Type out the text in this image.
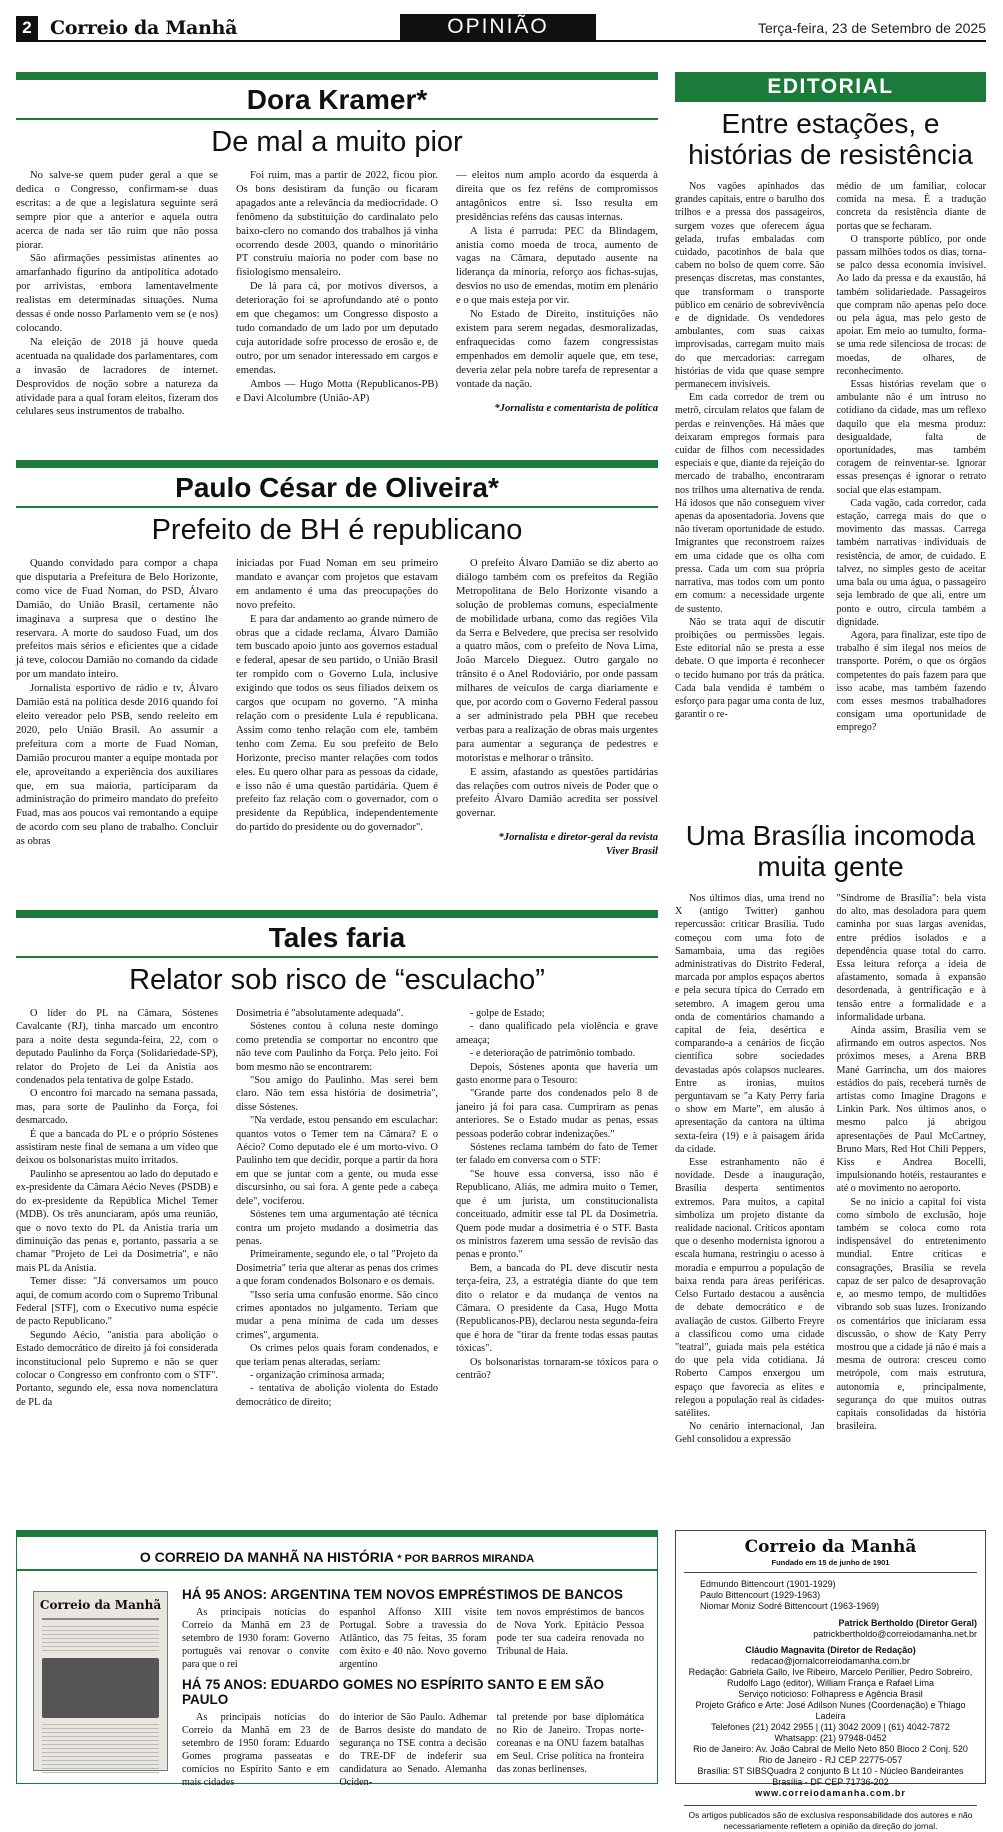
2 Correio da Manhã	OPINIÃO	Terça-feira, 23 de Setembro de 2025
Dora Kramer*
De mal a muito pior

No salve-se quem puder geral a que se dedica o Congresso, confirmam-se duas escritas: a de que a legislatura seguinte será sempre pior que a anterior e aquela outra acerca de nada ser tão ruim que não possa piorar.

São afirmações pessimistas atinentes ao amarfanhado figurino da antipolítica adotado por arrivistas, embora lamentavelmente realistas em determinadas situações. Numa dessas é onde nosso Parlamento vem se (e nos) colocando.

Na eleição de 2018 já houve queda acentuada na qualidade dos parlamentares, com a invasão de lacradores de internet. Desprovidos de noção sobre a natureza da atividade para a qual foram eleitos, fizeram dos celulares seus instrumentos de trabalho.

Foi ruim, mas a partir de 2022, ficou pior. Os bons desistiram da função ou ficaram apagados ante a relevância da mediocridade. O fenômeno da substituição do cardinalato pelo baixo-clero no comando dos trabalhos já vinha ocorrendo desde 2003, quando o minoritário PT construiu maioria no poder com base no fisiologismo mensaleiro.

De lá para cá, por motivos diversos, a deterioração foi se aprofundando até o ponto em que chegamos: um Congresso disposto a tudo comandado de um lado por um deputado cuja autoridade sofre processo de erosão e, de outro, por um senador interessado em cargos e emendas.

Ambos — Hugo Motta (Republicanos-PB) e Davi Alcolumbre (União-AP)

— eleitos num amplo acordo da esquerda à direita que os fez reféns de compromissos antagônicos entre si. Isso resulta em presidências reféns das causas internas.

A lista é parruda: PEC da Blindagem, anistia como moeda de troca, aumento de vagas na Câmara, deputado ausente na liderança da minoria, reforço aos fichas-sujas, desvios no uso de emendas, motim em plenário e o que mais esteja por vir.

No Estado de Direito, instituições não existem para serem negadas, desmoralizadas, enfraquecidas como fazem congressistas empenhados em demolir aquele que, em tese, deveria zelar pela nobre tarefa de representar a vontade da nação.

*Jornalista e comentarista de política

Paulo César de Oliveira*
Prefeito de BH é republicano

Quando convidado para compor a chapa que disputaria a Prefeitura de Belo Horizonte, como vice de Fuad Noman, do PSD, Álvaro Damião, do União Brasil, certamente não imaginava a surpresa que o destino lhe reservara. A morte do saudoso Fuad, um dos prefeitos mais sérios e eficientes que a cidade já teve, colocou Damião no comando da cidade por um mandato inteiro.

Jornalista esportivo de rádio e tv, Álvaro Damião está na política desde 2016 quando foi eleito vereador pelo PSB, sendo reeleito em 2020, pelo União Brasil. Ao assumir a prefeitura com a morte de Fuad Noman, Damião procurou manter a equipe montada por ele, aproveitando a experiência dos auxiliares que, em sua maioria, participaram da administração do primeiro mandato do prefeito Fuad, mas aos poucos vai remontando a equipe de acordo com seu plano de trabalho. Concluir as obras

iniciadas por Fuad Noman em seu primeiro mandato e avançar com projetos que estavam em andamento é uma das preocupações do novo prefeito.

E para dar andamento ao grande número de obras que a cidade reclama, Álvaro Damião tem buscado apoio junto aos governos estadual e federal, apesar de seu partido, o União Brasil ter rompido com o Governo Lula, inclusive exigindo que todos os seus filiados deixem os cargos que ocupam no governo. "A minha relação com o presidente Lula é republicana. Assim como tenho relação com ele, também tenho com Zema. Eu sou prefeito de Belo Horizonte, preciso manter relações com todos eles. Eu quero olhar para as pessoas da cidade, e isso não é uma questão partidária. Quem é prefeito faz relação com o governador, com o presidente da República, independentemente do partido do presidente ou do governador".

O prefeito Álvaro Damião se diz aberto ao diálogo também com os prefeitos da Região Metropolitana de Belo Horizonte visando a solução de problemas comuns, especialmente de mobilidade urbana, como das regiões Vila da Serra e Belvedere, que precisa ser resolvido a quatro mãos, com o prefeito de Nova Lima, João Marcelo Dieguez. Outro gargalo no trânsito é o Anel Rodoviário, por onde passam milhares de veículos de carga diariamente e que, por acordo com o Governo Federal passou a ser administrado pela PBH que recebeu verbas para a realização de obras mais urgentes para aumentar a segurança de pedestres e motoristas e melhorar o trânsito.

E assim, afastando as questões partidárias das relações com outros níveis de Poder que o prefeito Álvaro Damião acredita ser possível governar.

*Jornalista e diretor-geral da revista

Viver Brasil

Tales faria
Relator sob risco de “esculacho”

O líder do PL na Câmara, Sóstenes Cavalcante (RJ), tinha marcado um encontro para a noite desta segunda-feira, 22, com o deputado Paulinho da Força (Solidariedade-SP), relator do Projeto de Lei da Anistia aos condenados pela tentativa de golpe Estado.

O encontro foi marcado na semana passada, mas, para sorte de Paulinho da Força, foi desmarcado.

É que a bancada do PL e o próprio Sóstenes assistiram neste final de semana a um vídeo que deixou os bolsonaristas muito irritados.

Paulinho se apresentou ao lado do deputado e ex-presidente da Câmara Aécio Neves (PSDB) e do ex-presidente da República Michel Temer (MDB). Os três anunciaram, após uma reunião, que o novo texto do PL da Anistia traria um diminuição das penas e, portanto, passaria a se chamar "Projeto de Lei da Dosimetria", e não mais PL da Anistia.

Temer disse: "Já conversamos um pouco aqui, de comum acordo com o Supremo Tribunal Federal [STF], com o Executivo numa espécie de pacto Republicano."

Segundo Aécio, "anistia para abolição o Estado democrático de direito já foi considerada inconstitucional pelo Supremo e não se quer colocar o Congresso em confronto com o STF". Portanto, segundo ele, essa nova nomenclatura de PL da

Dosimetria é "absolutamente adequada".

Sóstenes contou à coluna neste domingo como pretendia se comportar no encontro que não teve com Paulinho da Força. Pelo jeito. Foi bom mesmo não se encontrarem:

"Sou amigo do Paulinho. Mas serei bem claro. Não tem essa história de dosimetria", disse Sóstenes.

"Na verdade, estou pensando em esculachar: quantos votos o Temer tem na Câmara? E o Aécio? Como deputado ele é um morto-vivo. O Paulinho tem que decidir, porque a partir da hora em que se juntar com a gente, ou muda esse discursinho, ou sai fora. A gente pede a cabeça dele", vociferou.

Sóstenes tem uma argumentação até técnica contra um projeto mudando a dosimetria das penas.

Primeiramente, segundo ele, o tal "Projeto da Dosimetria" teria que alterar as penas dos crimes a que foram condenados Bolsonaro e os demais.

"Isso seria uma confusão enorme. São cinco crimes apontados no julgamento. Teriam que mudar a pena mínima de cada um desses crimes", argumenta.

Os crimes pelos quais foram condenados, e que teriam penas alteradas, seriam:

- organização criminosa armada;

- tentativa de abolição violenta do Estado democrático de direito;

- golpe de Estado;

- dano qualificado pela violência e grave ameaça;

- e deterioração de patrimônio tombado.

Depois, Sóstenes aponta que haveria um gasto enorme para o Tesouro:

"Grande parte dos condenados pelo 8 de janeiro já foi para casa. Cumpriram as penas anteriores. Se o Estado mudar as penas, essas pessoas poderão cobrar indenizações."

Sóstenes reclama também do fato de Temer ter falado em conversa com o STF:

"Se houve essa conversa, isso não é Republicano. Aliás, me admira muito o Temer, que é um jurista, um constitucionalista conceituado, admitir esse tal PL da Dosimetria. Quem pode mudar a dosimetria é o STF. Basta os ministros fazerem uma sessão de revisão das penas e pronto."

Bem, a bancada do PL deve discutir nesta terça-feira, 23, a estratégia diante do que tem dito o relator e da mudança de ventos na Câmara. O presidente da Casa, Hugo Motta (Republicanos-PB), declarou nesta segunda-feira que é hora de "tirar da frente todas essas pautas tóxicas".

Os bolsonaristas tornaram-se tóxicos para o centrão?

EDITORIAL
Entre estações, e histórias de resistência

Nos vagões apinhados das grandes capitais, entre o barulho dos trilhos e a pressa dos passageiros, surgem vozes que oferecem água gelada, trufas embaladas com cuidado, pacotinhos de bala que cabem no bolso de quem corre. São presenças discretas, mas constantes, que transformam o transporte público em cenário de sobrevivência e de dignidade. Os vendedores ambulantes, com suas caixas improvisadas, carregam muito mais do que mercadorias: carregam histórias de vida que quase sempre permanecem invisíveis.

Em cada corredor de trem ou metrô, circulam relatos que falam de perdas e reinvenções. Há mães que deixaram empregos formais para cuidar de filhos com necessidades especiais e que, diante da rejeição do mercado de trabalho, encontraram nos trilhos uma alternativa de renda. Há idosos que não conseguem viver apenas da aposentadoria. Jovens que não tiveram oportunidade de estudo. Imigrantes que reconstroem raízes em uma cidade que os olha com pressa. Cada um com sua própria narrativa, mas todos com um ponto em comum: a necessidade urgente de sustento.

Não se trata aqui de discutir proibições ou permissões legais. Este editorial não se presta a esse debate. O que importa é reconhecer o tecido humano por trás da prática. Cada bala vendida é também o esforço para pagar uma conta de luz, garantir o re-

médio de um familiar, colocar comida na mesa. É a tradução concreta da resistência diante de portas que se fecharam.

O transporte público, por onde passam milhões todos os dias, torna-se palco dessa economia invisível. Ao lado da pressa e da exaustão, há também solidariedade. Passageiros que compram não apenas pelo doce ou pela água, mas pelo gesto de apoiar. Em meio ao tumulto, forma-se uma rede silenciosa de trocas: de moedas, de olhares, de reconhecimento.

Essas histórias revelam que o ambulante não é um intruso no cotidiano da cidade, mas um reflexo daquilo que ela mesma produz: desigualdade, falta de oportunidades, mas também coragem de reinventar-se. Ignorar essas presenças é ignorar o retrato social que elas estampam.

Cada vagão, cada corredor, cada estação, carrega mais do que o movimento das massas. Carrega também narrativas individuais de resistência, de amor, de cuidado. E talvez, no simples gesto de aceitar uma bala ou uma água, o passageiro seja lembrado de que ali, entre um ponto e outro, circula também a dignidade.

Agora, para finalizar, este tipo de trabalho é sim ilegal nos meios de transporte. Porém, o que os órgãos competentes do país fazem para que isso acabe, mas também fazendo com esses mesmos trabalhadores consigam uma oportunidade de emprego?

Uma Brasília incomoda muita gente

Nos últimos dias, uma trend no X (antigo Twitter) ganhou repercussão: criticar Brasília. Tudo começou com uma foto de Samambaia, uma das regiões administrativas do Distrito Federal, marcada por amplos espaços abertos e pela secura típica do Cerrado em setembro. A imagem gerou uma onda de comentários chamando a capital de feia, desértica e comparando-a a cenários de ficção científica sobre sociedades devastadas após colapsos nucleares. Entre as ironias, muitos perguntavam se "a Katy Perry faria o show em Marte", em alusão à apresentação da cantora na última sexta-feira (19) e à paisagem árida da cidade.

Esse estranhamento não é novidade. Desde a inauguração, Brasília desperta sentimentos extremos. Para muitos, a capital simboliza um projeto distante da realidade nacional. Críticos apontam que o desenho modernista ignorou a escala humana, restringiu o acesso à moradia e empurrou a população de baixa renda para áreas periféricas. Celso Furtado destacou a ausência de debate democrático e de avaliação de custos. Gilberto Freyre a classificou como uma cidade "teatral", guiada mais pela estética do que pela vida cotidiana. Já Roberto Campos enxergou um espaço que favorecia as elites e relegou a população real às cidades-satélites.

No cenário internacional, Jan Gehl consolidou a expressão

"Síndrome de Brasília": bela vista do alto, mas desoladora para quem caminha por suas largas avenidas, entre prédios isolados e a dependência quase total do carro. Essa leitura reforça a ideia de afastamento, somada à expansão desordenada, à gentrificação e à tensão entre a formalidade e a informalidade urbana.

Ainda assim, Brasília vem se afirmando em outros aspectos. Nos próximos meses, a Arena BRB Mané Garrincha, um dos maiores estádios do país, receberá turnês de artistas como Imagine Dragons e Linkin Park. Nos últimos anos, o mesmo palco já abrigou apresentações de Paul McCartney, Bruno Mars, Red Hot Chili Peppers, Kiss e Andrea Bocelli, impulsionando hotéis, restaurantes e até o movimento no aeroporto.

Se no início a capital foi vista como símbolo de exclusão, hoje também se coloca como rota indispensável do entretenimento mundial. Entre críticas e consagrações, Brasília se revela capaz de ser palco de desaprovação e, ao mesmo tempo, de multidões vibrando sob suas luzes. Ironizando os comentários que iniciaram essa discussão, o show de Katy Perry mostrou que a cidade já não é mais a mesma de outrora: cresceu como metrópole, com mais estrutura, autonomia e, principalmente, segurança do que muitos outras capitais consolidadas da história brasileira.

O CORREIO DA MANHÃ NA HISTÓRIA * POR BARROS MIRANDA
Correio da Manhã
HÁ 95 ANOS: ARGENTINA TEM NOVOS EMPRÉSTIMOS DE BANCOS

As principais notícias do Correio da Manhã em 23 de setembro de 1930 foram: Governo português vai renovar o convite para que o rei

espanhol Affonso XIII visite Portugal. Sobre a travessia do Atlântico, das 75 feitas, 35 foram com êxito e 40 não. Novo governo argentino

tem novos empréstimos de bancos de Nova York. Epitácio Pessoa pode ter sua cadeira renovada no Tribunal de Haia.

HÁ 75 ANOS: EDUARDO GOMES NO ESPÍRITO SANTO E EM SÃO PAULO

As principais notícias do Correio da Manhã em 23 de setembro de 1950 foram: Eduardo Gomes programa passeatas e comícios no Espírito Santo e em mais cidades

do interior de São Paulo. Adhemar de Barros desiste do mandato de segurança no TSE contra a decisão do TRE-DF de indeferir sua candidatura ao Senado. Alemanha Ociden-

tal pretende por base diplomática no Rio de Janeiro. Tropas norte-coreanas e na ONU fazem batalhas em Seul. Crise política na fronteira das zonas berlinenses.

Correio da Manhã
Fundado em 15 de junho de 1901
Edmundo Bittencourt (1901-1929)
Paulo Bittencourt (1929-1963)
Niomar Moniz Sodré Bittencourt (1963-1969)
Patrick Bertholdo (Diretor Geral)
patrickbertholdo@correiodamanha.net.br
Cláudio Magnavita (Diretor de Redação)
redacao@jornalcorreiodamanha.com.br
Redação: Gabriela Gallo, Ive Ribeiro, Marcelo Perillier, Pedro Sobreiro,
Rudolfo Lago (editor), William França e Rafael Lima
Serviço noticioso: Folhapress e Agência Brasil
Projeto Gráfico e Arte: José Adilson Nunes (Coordenação) e Thiago Ladeira
Telefones (21) 2042 2955 | (11) 3042 2009 | (61) 4042-7872
Whatsapp: (21) 97948-0452
Rio de Janeiro: Av. João Cabral de Mello Neto 850 Bloco 2 Conj. 520
Rio de Janeiro - RJ CEP 22775-057
Brasília: ST SIBSQuadra 2 conjunto B Lt 10 - Núcleo Bandeirantes
Brasília - DF CEP 71736-202
www.correiodamanha.com.br
Os artigos publicados são de exclusiva responsabilidade dos autores e não necessariamente refletem a opinião da direção do jornal.
